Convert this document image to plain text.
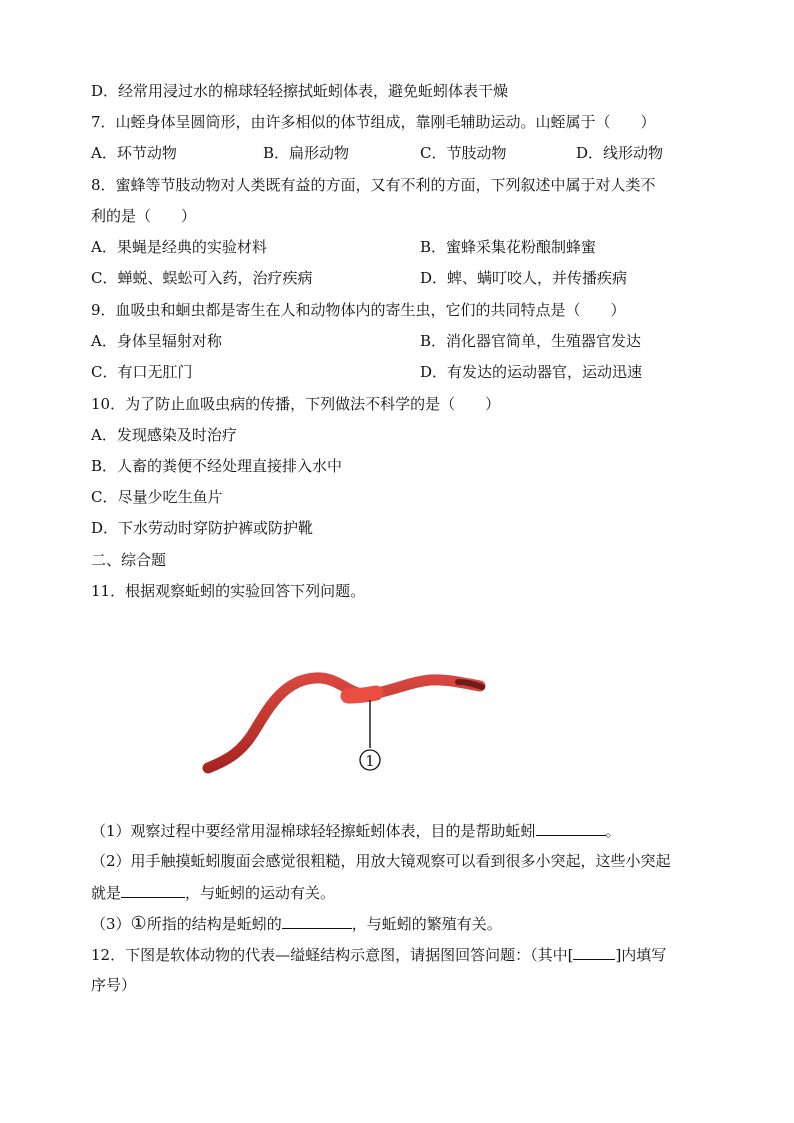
D．经常用浸过水的棉球轻轻擦拭蚯蚓体表，避免蚯蚓体表干燥
7．山蛭身体呈圆筒形，由许多相似的体节组成，靠刚毛辅助运动。山蛭属于（　　）
A．环节动物	B．扁形动物	C．节肢动物	D．线形动物
8．蜜蜂等节肢动物对人类既有益的方面，又有不利的方面，下列叙述中属于对人类不
利的是（　　）
A．果蝇是经典的实验材料	B．蜜蜂采集花粉酿制蜂蜜
C．蝉蜕、蜈蚣可入药，治疗疾病	D．蜱、螨叮咬人，并传播疾病
9．血吸虫和蛔虫都是寄生在人和动物体内的寄生虫，它们的共同特点是（　　）
A．身体呈辐射对称	B．消化器官简单，生殖器官发达
C．有口无肛门	D．有发达的运动器官，运动迅速
10．为了防止血吸虫病的传播，下列做法不科学的是（　　）
A．发现感染及时治疗
B．人畜的粪便不经处理直接排入水中
C．尽量少吃生鱼片
D．下水劳动时穿防护裤或防护靴
二、综合题
11．根据观察蚯蚓的实验回答下列问题。
1
（1）观察过程中要经常用湿棉球轻轻擦蚯蚓体表，目的是帮助蚯蚓	。
（2）用手触摸蚯蚓腹面会感觉很粗糙，用放大镜观察可以看到很多小突起，这些小突起
就是	，与蚯蚓的运动有关。
（3）①所指的结构是蚯蚓的	，与蚯蚓的繁殖有关。
12．下图是软体动物的代表—缢蛏结构示意图，请据图回答问题：（其中[	]内填写
序号）
